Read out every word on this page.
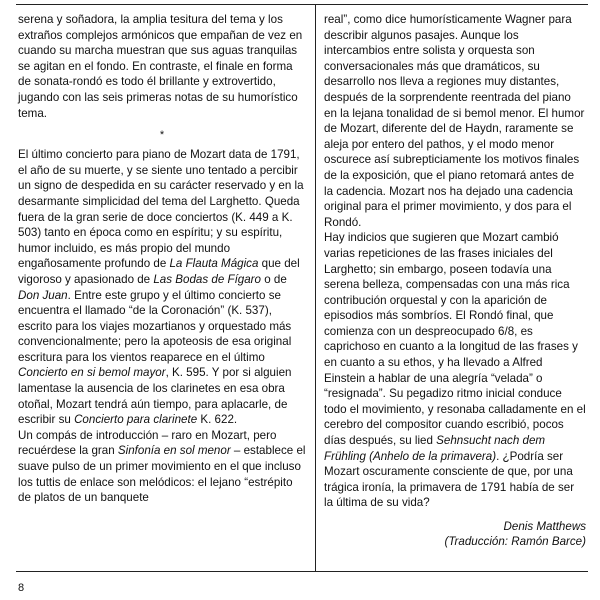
serena y soñadora, la amplia tesitura del tema y los extraños complejos armónicos que empañan de vez en cuando su marcha muestran que sus aguas tranquilas se agitan en el fondo. En contraste, el finale en forma de sonata-rondó es todo él brillante y extrovertido, jugando con las seis primeras notas de su humorístico tema.

*

El último concierto para piano de Mozart data de 1791, el año de su muerte, y se siente uno tentado a percibir un signo de despedida en su carácter reservado y en la desarmante simplicidad del tema del Larghetto. Queda fuera de la gran serie de doce conciertos (K. 449 a K. 503) tanto en época como en espíritu; y su espíritu, humor incluido, es más propio del mundo engañosamente profundo de La Flauta Mágica que del vigoroso y apasionado de Las Bodas de Fígaro o de Don Juan. Entre este grupo y el último concierto se encuentra el llamado “de la Coronación” (K. 537), escrito para los viajes mozartianos y orquestado más convencionalmente; pero la apoteosis de esa original escritura para los vientos reaparece en el último Concierto en si bemol mayor, K. 595. Y por si alguien lamentase la ausencia de los clarinetes en esa obra otoñal, Mozart tendrá aún tiempo, para aplacarle, de escribir su Concierto para clarinete K. 622.

Un compás de introducción – raro en Mozart, pero recuérdese la gran Sinfonía en sol menor – establece el suave pulso de un primer movimiento en el que incluso los tuttis de enlace son melódicos: el lejano “estrépito de platos de un banquete

real”, como dice humorísticamente Wagner para describir algunos pasajes. Aunque los intercambios entre solista y orquesta son conversacionales más que dramáticos, su desarrollo nos lleva a regiones muy distantes, después de la sorprendente reentrada del piano en la lejana tonalidad de si bemol menor. El humor de Mozart, diferente del de Haydn, raramente se aleja por entero del pathos, y el modo menor oscurece así subrepticiamente los motivos finales de la exposición, que el piano retomará antes de la cadencia. Mozart nos ha dejado una cadencia original para el primer movimiento, y dos para el Rondó.

Hay indicios que sugieren que Mozart cambió varias repeticiones de las frases iniciales del Larghetto; sin embargo, poseen todavía una serena belleza, compensadas con una más rica contribución orquestal y con la aparición de episodios más sombríos. El Rondó final, que comienza con un despreocupado 6/8, es caprichoso en cuanto a la longitud de las frases y en cuanto a su ethos, y ha llevado a Alfred Einstein a hablar de una alegría “velada” o “resignada”. Su pegadizo ritmo inicial conduce todo el movimiento, y resonaba calladamente en el cerebro del compositor cuando escribió, pocos días después, su lied Sehnsucht nach dem Frühling (Anhelo de la primavera). ¿Podría ser Mozart oscuramente consciente de que, por una trágica ironía, la primavera de 1791 había de ser la última de su vida?

Denis Matthews
(Traducción: Ramón Barce)
8
